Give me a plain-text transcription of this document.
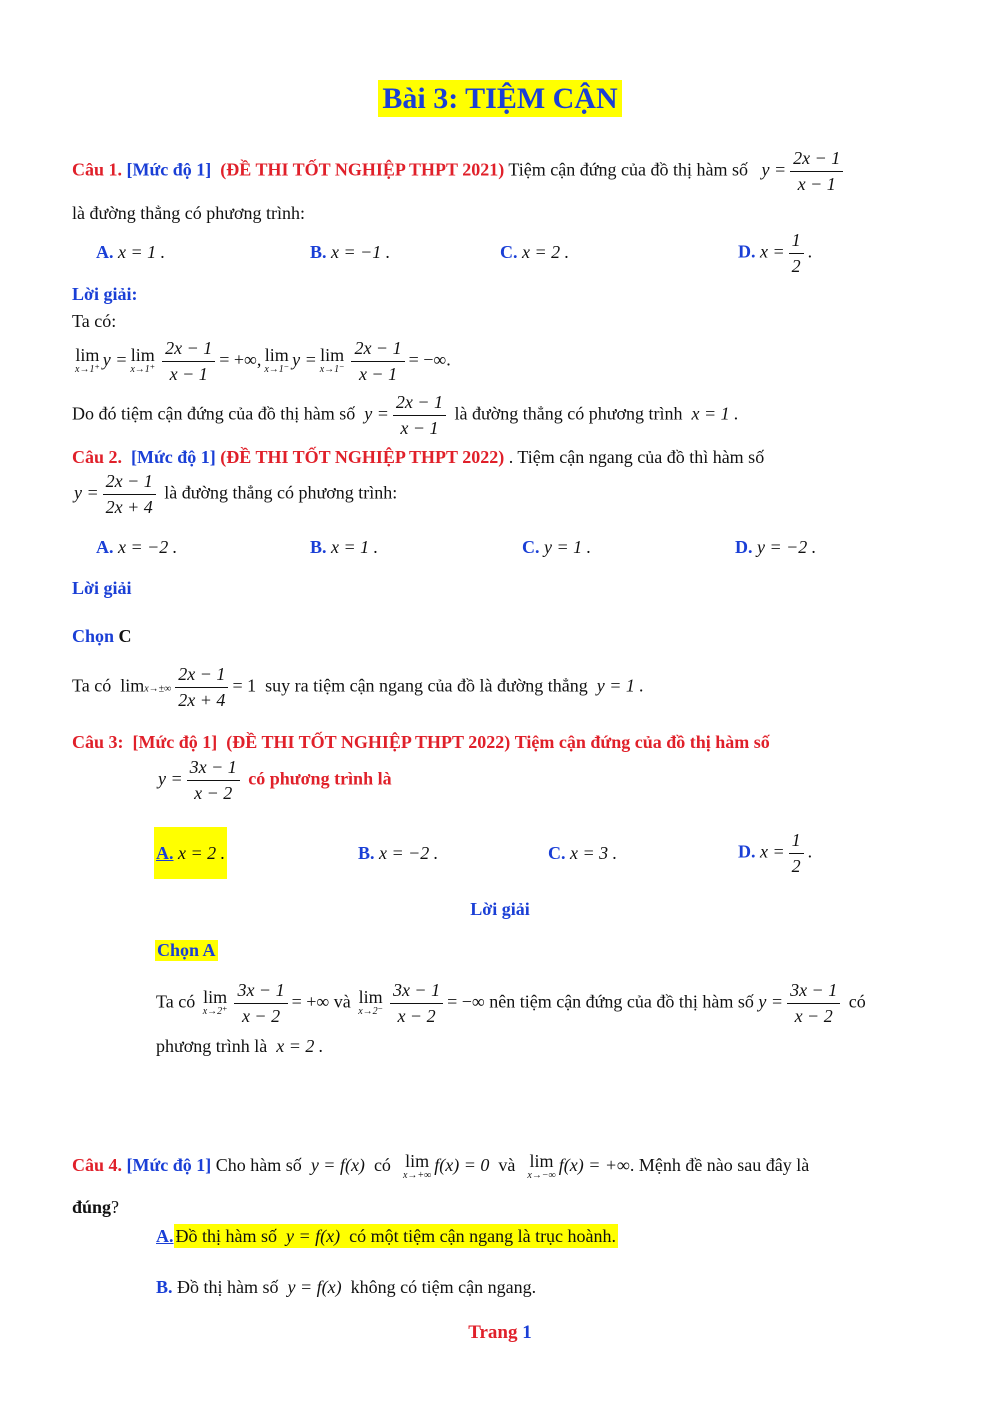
Bài 3: TIỆM CẬN
Câu 1. [Mức độ 1] (ĐỀ THI TỐT NGHIỆP THPT 2021) Tiệm cận đứng của đồ thị hàm số $y = \frac{2x - 1}{x - 1}$
là đường thẳng có phương trình:
A. x = 1 .	B. x = −1 .	C. x = 2 .	D. $x = \frac{1}{2}$ .
Lời giải:
Ta có:
lim
x→1⁺
y = lim
$x\to 1^+ \frac{2x - 1}{x - 1}$ = +∞, lim
x→1⁻
y = lim
$x\to 1^- \frac{2x - 1}{x - 1}$ = −∞.
Do đó tiệm cận đứng của đồ thị hàm số $y = \frac{2x - 1}{x - 1}$ là đường thẳng có phương trình x = 1 .
Câu 2. [Mức độ 1] (ĐỀ THI TỐT NGHIỆP THPT 2022) . Tiệm cận ngang của đồ thì hàm số
$y = \frac{2x - 1}{2x + 4}$ là đường thẳng có phương trình:
A. x = −2 .	B. x = 1 .	C. y = 1 .	D. y = −2 .
Lời giải
Chọn C
Ta có $\lim x\to\pm\infty \frac{2x - 1}{2x + 4} = 1$ suy ra tiệm cận ngang của đồ là đường thẳng y = 1 .
Câu 3: [Mức độ 1] (ĐỀ THI TỐT NGHIỆP THPT 2022) Tiệm cận đứng của đồ thị hàm số
$y = \frac{3x - 1}{x - 2}$ có phương trình là
A.
x = 2 .	B. x = −2 .	C. x = 3 .	D. $x = \frac{1}{2}$ .
Lời giải
Chọn A
Ta có lim
$x\to 2^+ \frac{3x - 1}{x - 2}$ = +∞ và lim
$x\to 2^- \frac{3x - 1}{x - 2}$ = −∞ nên tiệm cận đứng của đồ thị hàm số $y = \frac{3x - 1}{x - 2}$ có
phương trình là x = 2 .
Câu 4. [Mức độ 1] Cho hàm số y = f(x) có lim
x→+∞
f(x) = 0 và lim
x→−∞
f(x) = +∞. Mệnh đề nào sau đây là
đúng?
A. Đồ thị hàm số y = f(x) có một tiệm cận ngang là trục hoành.
B. Đồ thị hàm số y = f(x) không có tiệm cận ngang.
Trang 1
